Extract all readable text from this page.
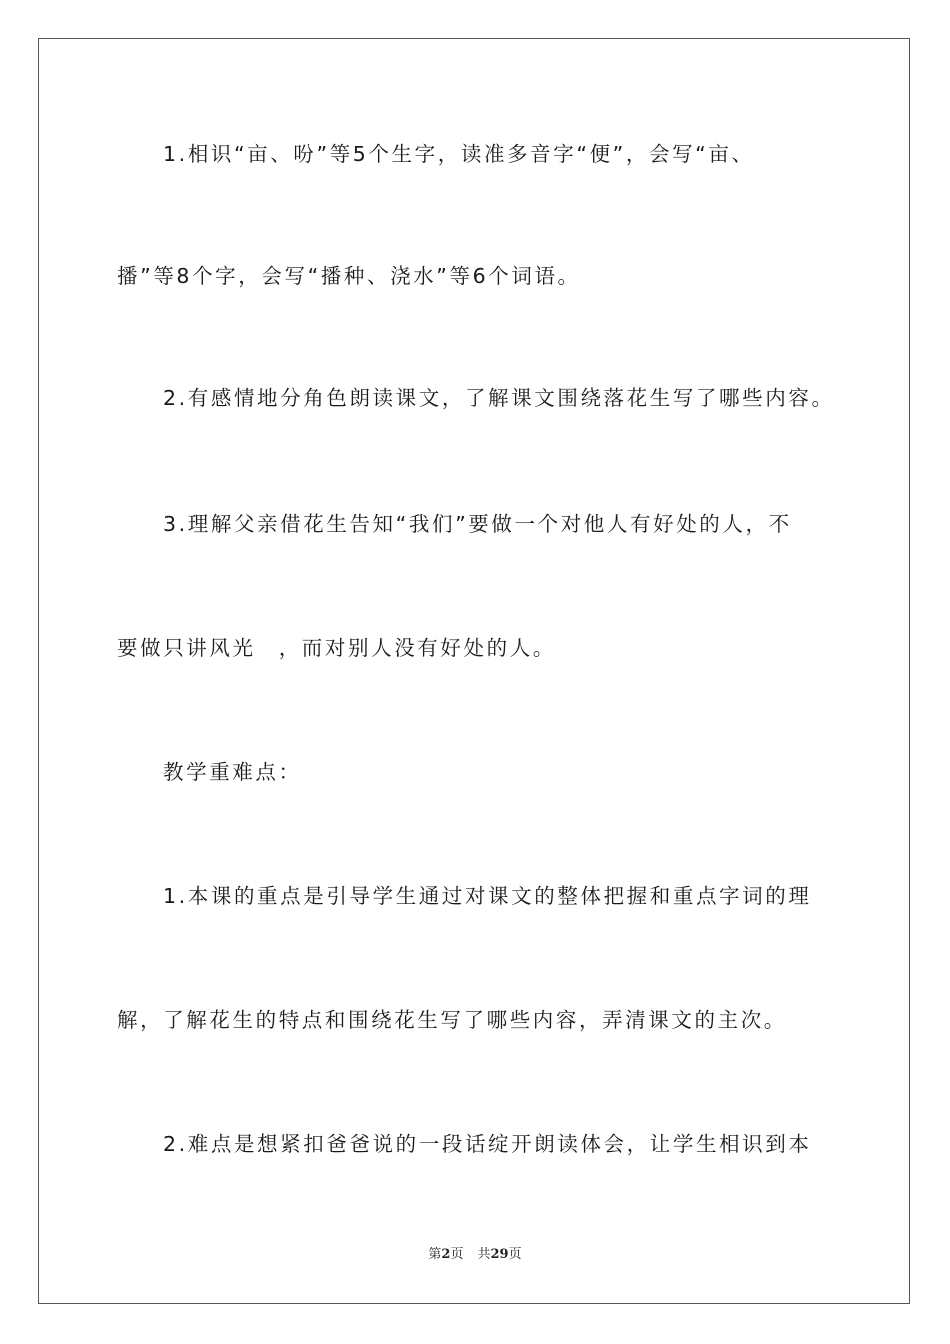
1.相识“亩、吩”等5个生字，读准多音字“便”，会写“亩、
播”等8个字，会写“播种、浇水”等6个词语。
2.有感情地分角色朗读课文，了解课文围绕落花生写了哪些内容。
3.理解父亲借花生告知“我们”要做一个对他人有好处的人，不
要做只讲风光　，而对别人没有好处的人。
教学重难点：
1.本课的重点是引导学生通过对课文的整体把握和重点字词的理
解，了解花生的特点和围绕花生写了哪些内容，弄清课文的主次。
2.难点是想紧扣爸爸说的一段话绽开朗读体会，让学生相识到本
第2页 共29页
